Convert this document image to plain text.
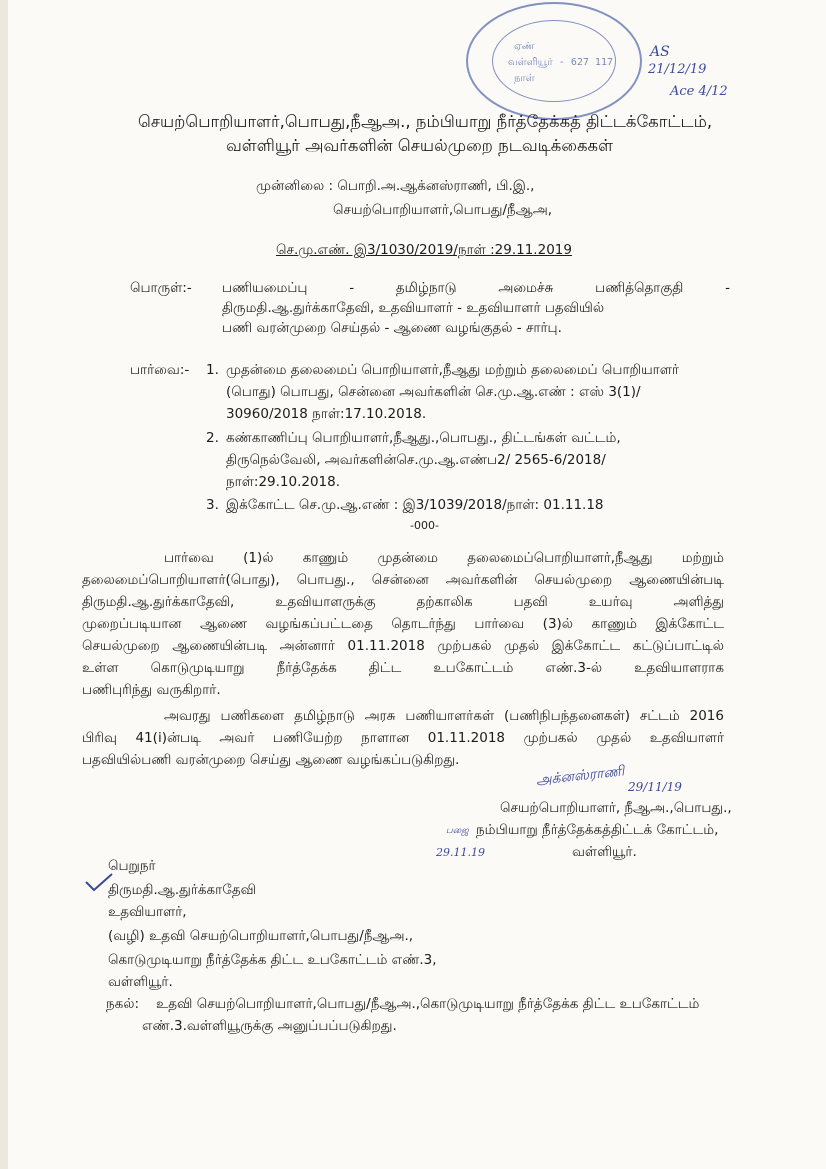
ஏண்
வள்ளியூர் - 627 117
நாள்
AS
21/12/19
Ace 4/12
செயற்பொறியாளர்,பொபது,நீஆஅ., நம்பியாறு நீர்த்தேக்கத் திட்டக்கோட்டம்,
வள்ளியூர் அவர்களின் செயல்முறை நடவடிக்கைகள்
முன்னிலை : பொறி.அ.ஆக்னஸ்ராணி, பி.இ.,
செயற்பொறியாளர்,பொபது/நீஆஅ,
செ.மு.எண். இ3/1030/2019/நாள் :29.11.2019
பொருள்:- பணியமைப்பு - தமிழ்நாடு அமைச்சு பணித்தொகுதி -
திருமதி.ஆ.துர்க்காதேவி, உதவியாளர் - உதவியாளர் பதவியில்
பணி வரன்முறை செய்தல் - ஆணை வழங்குதல் - சார்பு.
பார்வை:- 1. முதன்மை தலைமைப் பொறியாளர்,நீஆது மற்றும் தலைமைப் பொறியாளர்
(பொது) பொபது, சென்னை அவர்களின் செ.மு.ஆ.எண் : எஸ் 3(1)/
30960/2018 நாள்:17.10.2018.
2. கண்காணிப்பு பொறியாளர்,நீஆது.,பொபது., திட்டங்கள் வட்டம்,
திருநெல்வேலி, அவர்களின்செ.மு.ஆ.எண்ப2/ 2565-6/2018/
நாள்:29.10.2018.
3. இக்கோட்ட செ.மு.ஆ.எண் : இ3/1039/2018/நாள்: 01.11.18
-000-
பார்வை (1)ல் காணும் முதன்மை தலைமைப்பொறியாளர்,நீஆது மற்றும்
தலைமைப்பொறியாளர்(பொது), பொபது., சென்னை அவர்களின் செயல்முறை ஆணையின்படி
திருமதி.ஆ.துர்க்காதேவி, உதவியாளருக்கு தற்காலிக பதவி உயர்வு அளித்து
முறைப்படியான ஆணை வழங்கப்பட்டதை தொடர்ந்து பார்வை (3)ல் காணும் இக்கோட்ட
செயல்முறை ஆணையின்படி அன்னார் 01.11.2018 முற்பகல் முதல் இக்கோட்ட கட்டுப்பாட்டில்
உள்ள கொடுமுடியாறு நீர்த்தேக்க திட்ட உபகோட்டம் எண்.3-ல் உதவியாளராக
பணிபுரிந்து வருகிறார்.
அவரது பணிகளை தமிழ்நாடு அரசு பணியாளர்கள் (பணிநிபந்தனைகள்) சட்டம் 2016
பிரிவு 41(i)ன்படி அவர் பணியேற்ற நாளான 01.11.2018 முற்பகல் முதல் உதவியாளர்
பதவியில்பணி வரன்முறை செய்து ஆணை வழங்கப்படுகிறது.
அக்னஸ்ராணி 29/11/19
செயற்பொறியாளர், நீஆஅ.,பொபது.,
நம்பியாறு நீர்த்தேக்கத்திட்டக் கோட்டம்,
வள்ளியூர்.
பஜை
29.11.19
பெறுநர்
திருமதி.ஆ.துர்க்காதேவி
உதவியாளர்,
(வழி) உதவி செயற்பொறியாளர்,பொபது/நீஆஅ.,
கொடுமுடியாறு நீர்த்தேக்க திட்ட உபகோட்டம் எண்.3,
வள்ளியூர்.
நகல்: உதவி செயற்பொறியாளர்,பொபது/நீஆஅ.,கொடுமுடியாறு நீர்த்தேக்க திட்ட உபகோட்டம்
எண்.3.வள்ளியூருக்கு அனுப்பப்படுகிறது.
